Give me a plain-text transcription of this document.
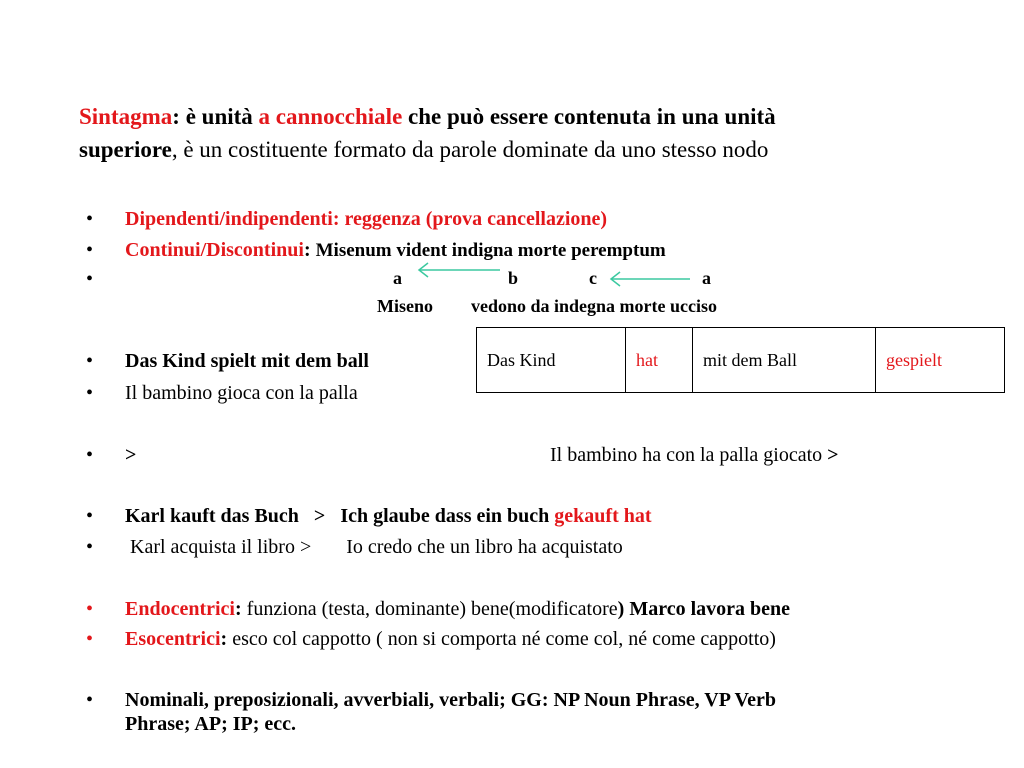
Sintagma: è unità a cannocchiale che può essere contenuta in una unità
superiore, è un costituente formato da parole dominate da uno stesso nodo
• Dipendenti/indipendenti: reggenza (prova cancellazione)
• Continui/Discontinui: Misenum vident indigna morte peremptum
•	a	b	c	a
Miseno vedono da indegna morte ucciso
• Das Kind spielt mit dem ball
• Il bambino gioca con la palla
Das Kind	hat	mit dem Ball	gespielt
• >	Il bambino ha con la palla giocato >
• Karl kauft das Buch   >   Ich glaube dass ein buch gekauft hat
• Karl acquista il libro >       Io credo che un libro ha acquistato
• Endocentrici: funziona (testa, dominante) bene(modificatore) Marco lavora bene
• Esocentrici: esco col cappotto ( non si comporta né come col, né come cappotto)
• Nominali, preposizionali, avverbiali, verbali; GG: NP Noun Phrase, VP Verb
Phrase; AP; IP; ecc.
